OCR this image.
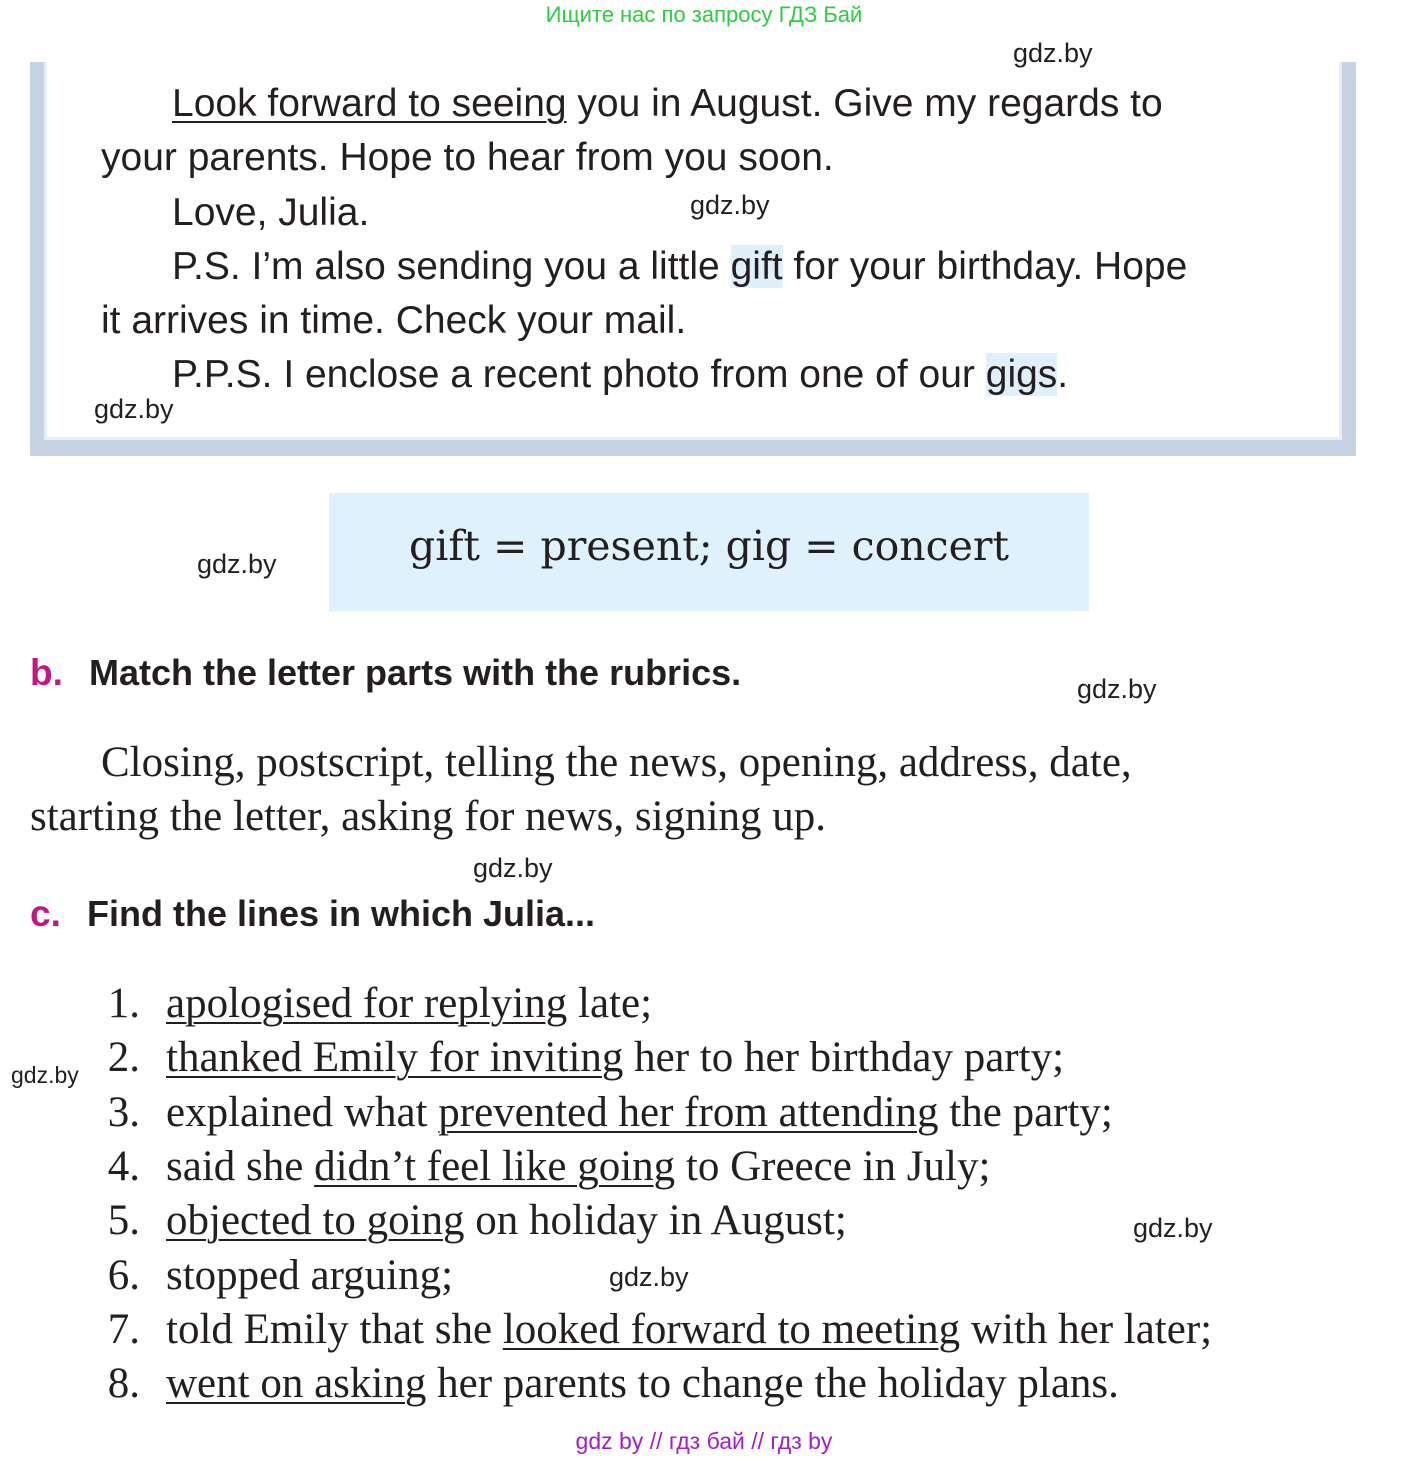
Ищите нас по запросу ГДЗ Бай
Look forward to seeing you in August. Give my regards to
your parents. Hope to hear from you soon.
Love, Julia.
P.S. I’m also sending you a little gift for your birthday. Hope
it arrives in time. Check your mail.
P.P.S. I enclose a recent photo from one of our gigs.
gift = present; gig = concert
b. Match the letter parts with the rubrics.
Closing, postscript, telling the news, opening, address, date,
starting the letter, asking for news, signing up.
c. Find the lines in which Julia...
1. apologised for replying late;
2. thanked Emily for inviting her to her birthday party;
3. explained what prevented her from attending the party;
4. said she didn’t feel like going to Greece in July;
5. objected to going on holiday in August;
6. stopped arguing;
7. told Emily that she looked forward to meeting with her later;
8. went on asking her parents to change the holiday plans.
gdz.by
gdz.by
gdz.by
gdz.by
gdz.by
gdz.by
gdz.by
gdz.by
gdz.by
gdz by // гдз бай // гдз by
